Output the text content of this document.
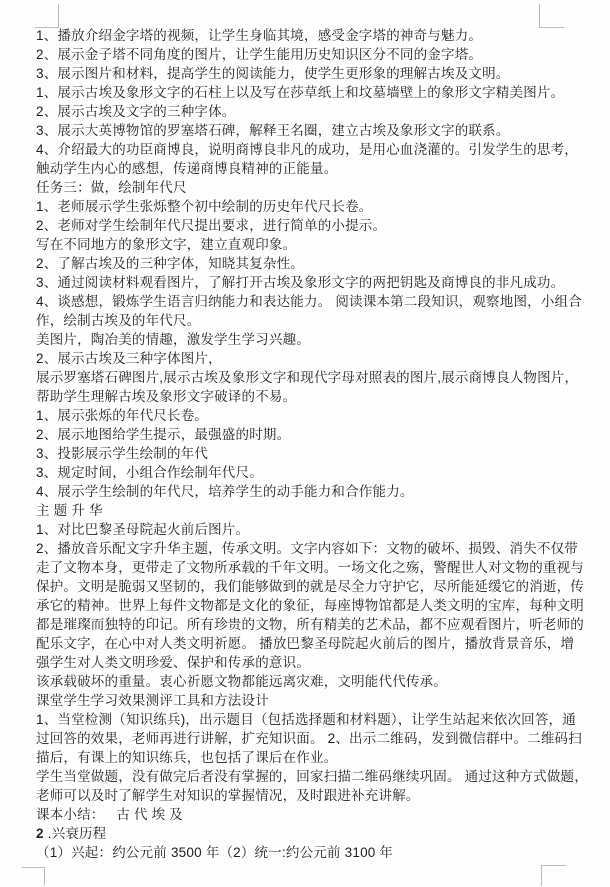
1、播放介绍金字塔的视频，让学生身临其境，感受金字塔的神奇与魅力。
2、展示金子塔不同角度的图片，让学生能用历史知识区分不同的金字塔。
3、展示图片和材料，提高学生的阅读能力，使学生更形象的理解古埃及文明。
1、展示古埃及象形文字的石柱上以及写在莎草纸上和坟墓墙壁上的象形文字精美图片。
2、展示古埃及文字的三种字体。
3、展示大英博物馆的罗塞塔石碑，解释王名圈，建立古埃及象形文字的联系。
4、介绍最大的功臣商博良，说明商博良非凡的成功，是用心血浇灌的。引发学生的思考，
触动学生内心的感想，传递商博良精神的正能量。
任务三：做，绘制年代尺
1、老师展示学生张烁整个初中绘制的历史年代尺长卷。
2、老师对学生绘制年代尺提出要求，进行简单的小提示。
写在不同地方的象形文字，建立直观印象。
2、了解古埃及的三种字体，知晓其复杂性。
3、通过阅读材料观看图片，了解打开古埃及象形文字的两把钥匙及商博良的非凡成功。
4、谈感想，锻炼学生语言归纳能力和表达能力。 阅读课本第二段知识，观察地图，小组合
作，绘制古埃及的年代尺。
美图片，陶冶美的情趣，激发学生学习兴趣。
2、展示古埃及三种字体图片，
展示罗塞塔石碑图片,展示古埃及象形文字和现代字母对照表的图片,展示商博良人物图片，
帮助学生理解古埃及象形文字破译的不易。
1、展示张烁的年代尺长卷。
2、展示地图给学生提示，最强盛的时期。
3、投影展示学生绘制的年代
3、规定时间，小组合作绘制年代尺。
4、展示学生绘制的年代尺，培养学生的动手能力和合作能力。
主 题 升 华
1、对比巴黎圣母院起火前后图片。
2、播放音乐配文字升华主题，传承文明。文字内容如下：文物的破坏、损毁、消失不仅带
走了文物本身，更带走了文物所承载的千年文明。一场文化之殇，警醒世人对文物的重视与
保护。文明是脆弱又坚韧的，我们能够做到的就是尽全力守护它，尽所能延缓它的消逝，传
承它的精神。世界上每件文物都是文化的象征，每座博物馆都是人类文明的宝库，每种文明
都是璀璨而独特的印记。所有珍贵的文物，所有精美的艺术品，都不应观看图片，听老师的
配乐文字，在心中对人类文明祈愿。 播放巴黎圣母院起火前后的图片，播放背景音乐，增
强学生对人类文明珍爱、保护和传承的意识。
该承载破坏的重量。衷心祈愿文物都能远离灾难，文明能代代传承。
课堂学生学习效果测评工具和方法设计
1、当堂检测（知识练兵)，出示题目（包括选择题和材料题），让学生站起来依次回答，通
过回答的效果，老师再进行讲解，扩充知识面。 2、出示二维码，发到微信群中。二维码扫
描后，有课上的知识练兵，也包括了课后在作业。
学生当堂做题，没有做完后者没有掌握的，回家扫描二维码继续巩固。 通过这种方式做题，
老师可以及时了解学生对知识的掌握情况，及时跟进补充讲解。
课本小结：   古 代 埃 及
2 .兴衰历程
（1）兴起：约公元前 3500 年（2）统一:约公元前 3100 年
